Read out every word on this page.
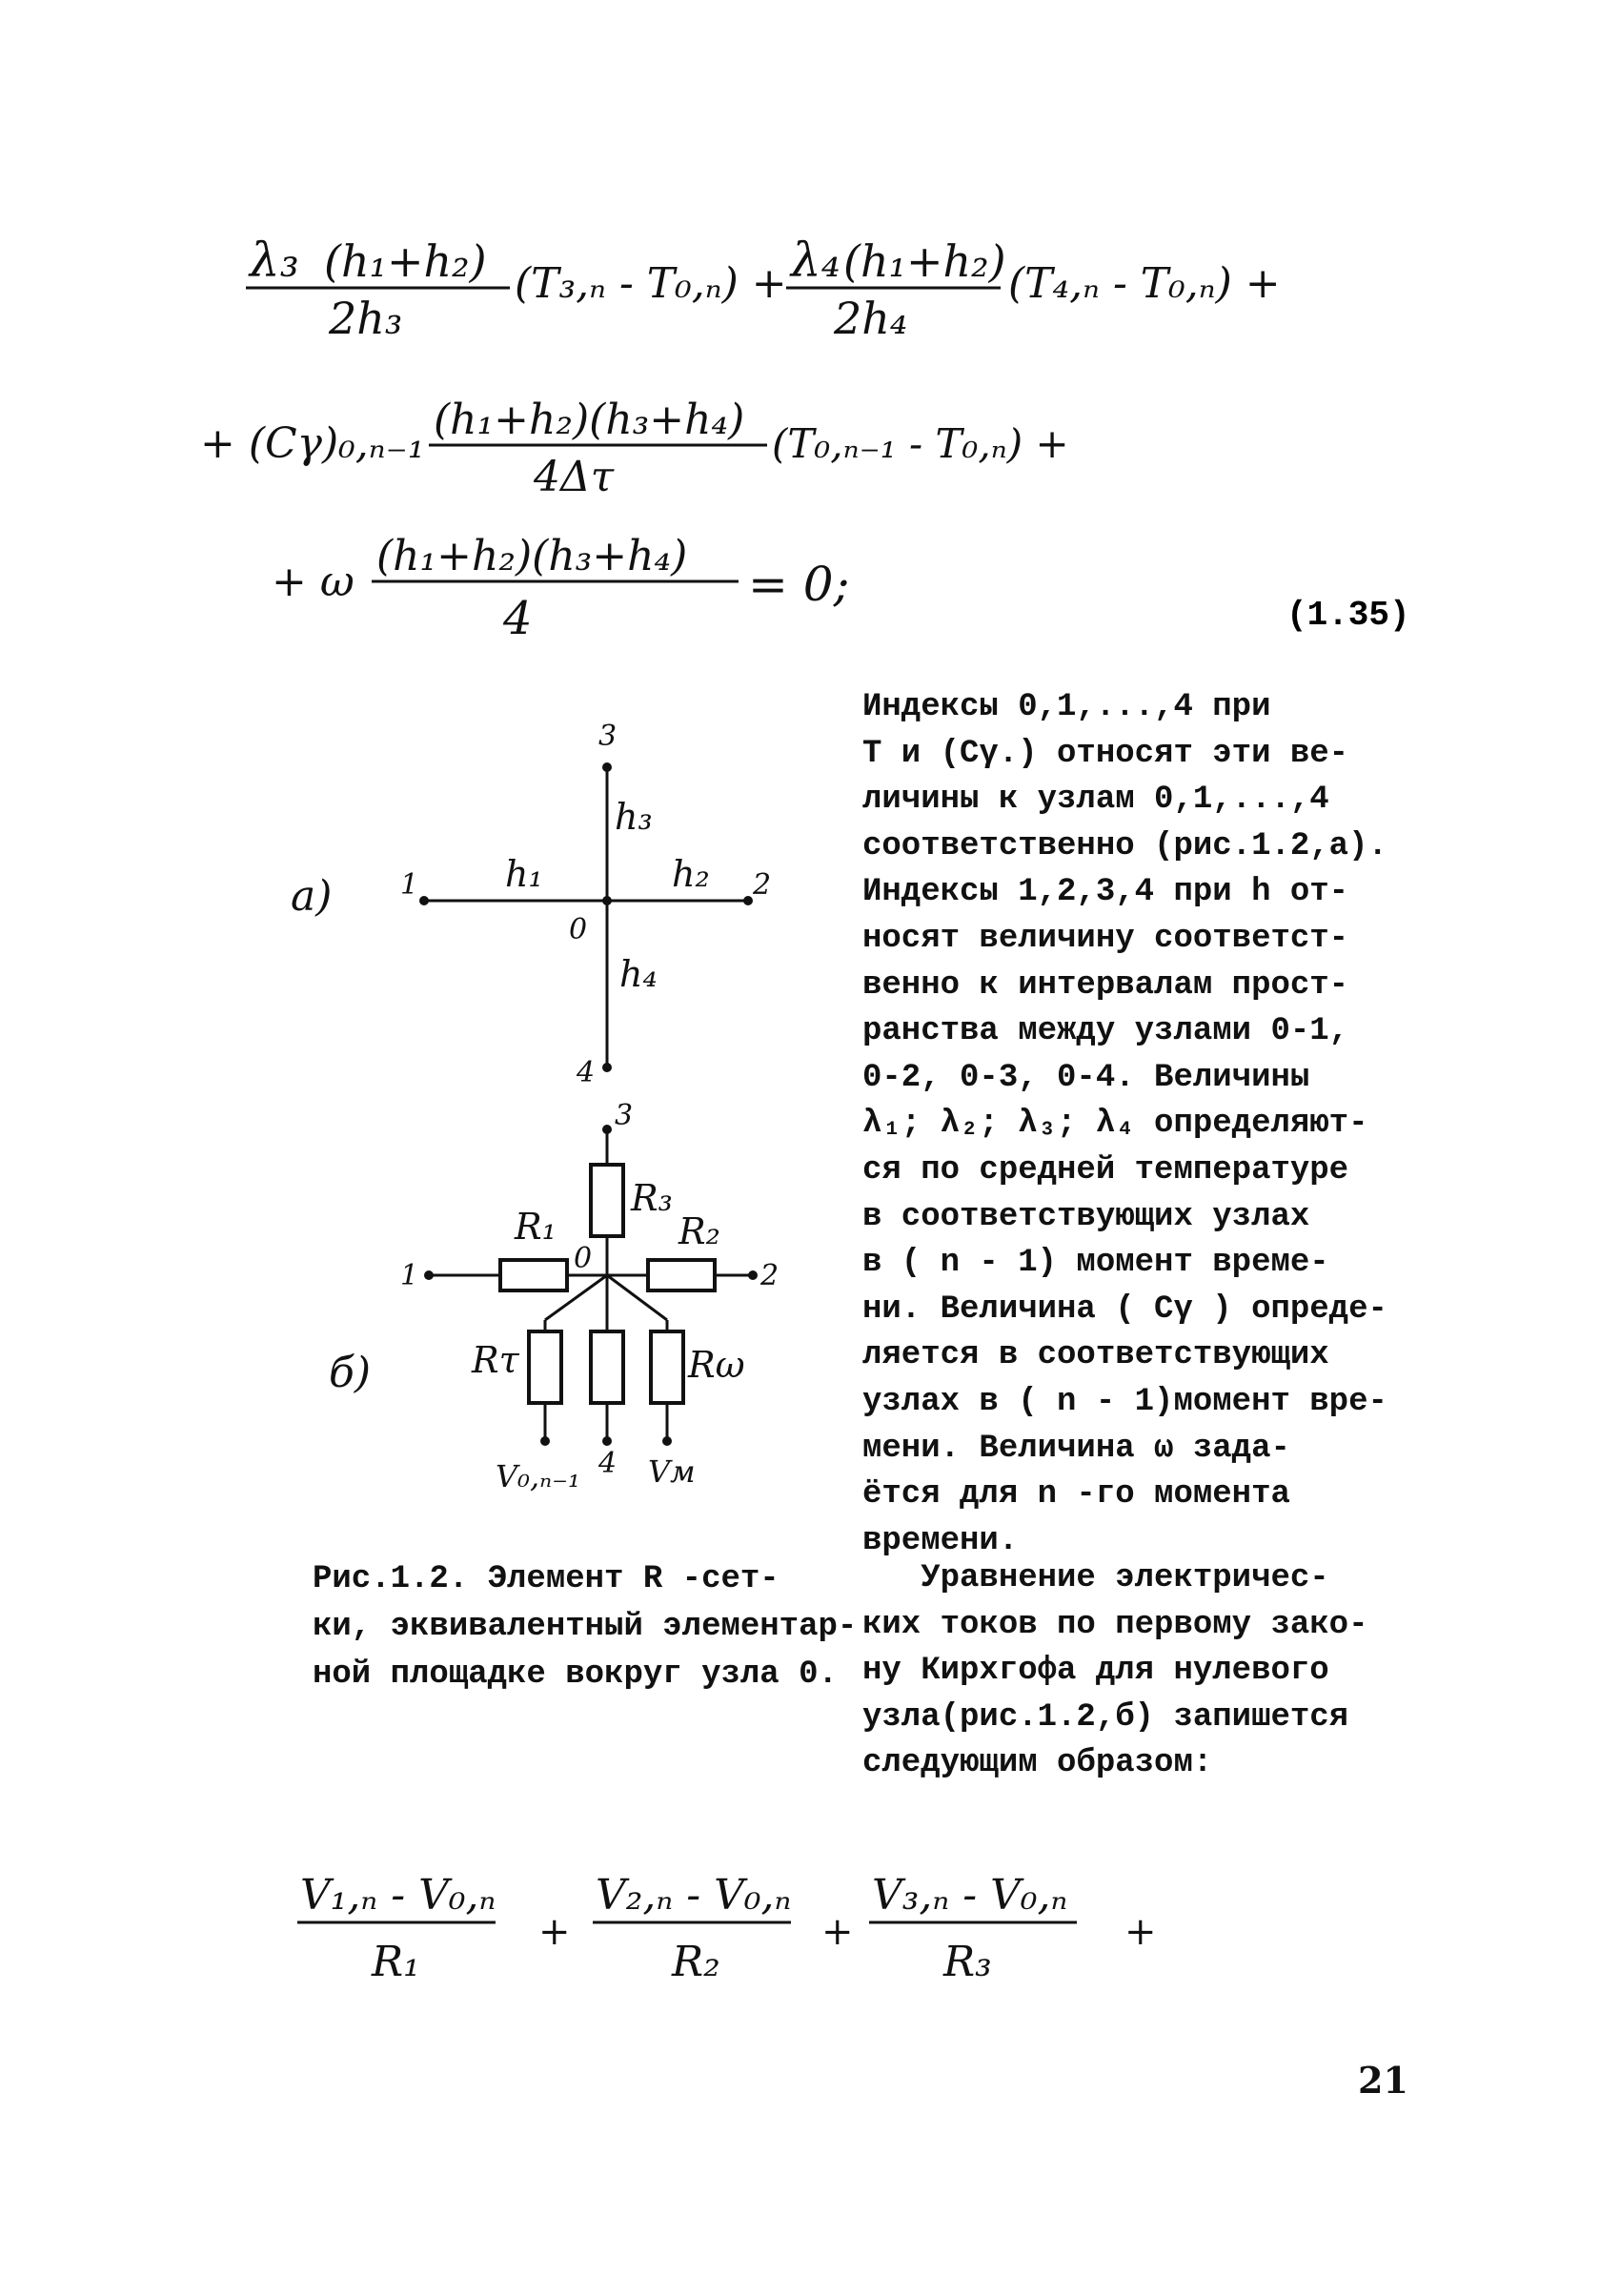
λ₃ (h₁+h₂)
2h₃
(T₃,ₙ - T₀,ₙ) + λ₄ (h₁+h₂)
2h₄
(T₄,ₙ - T₀,ₙ) +
+ (Cγ)₀,ₙ₋₁ (h₁+h₂)(h₃+h₄)
4Δτ
(T₀,ₙ₋₁ - T₀,ₙ) +
+ ω
(h₁+h₂)(h₃+h₄)
4
= 0;
(1.35)
a)
3
1	2
0
4
h₁	h₂
h₃
h₄
б)
3
1	2
0
4
R₁	R₂
R₃
Rτ	Rω
V₀,ₙ₋₁ Vм
Индексы 0,1,...,4 при
Т и (Сγ.) относят эти ве-
личины к узлам 0,1,...,4
соответственно (рис.1.2,а).
Индексы 1,2,3,4 при h от-
носят величину соответст-
венно к интервалам прост-
ранства между узлами 0-1,
0-2, 0-3, 0-4. Величины
λ₁; λ₂; λ₃; λ₄ определяют-
ся по средней температуре
в соответствующих узлах
в ( n - 1) момент време-
ни. Величина ( Сγ ) опреде-
ляется в соответствующих
узлах в ( n - 1)момент вре-
мени. Величина ω зада-
ётся для n -го момента
времени.
Рис.1.2. Элемент R -сет-
ки, эквивалентный элементар-
ной площадке вокруг узла 0.
Уравнение электричес-
ких токов по первому зако-
ну Кирхгофа для нулевого
узла(рис.1.2,б) запишется
следующим образом:
V₁,ₙ - V₀,ₙ
R₁
+
V₂,ₙ - V₀,ₙ
R₂
+
V₃,ₙ - V₀,ₙ
R₃
+
21
